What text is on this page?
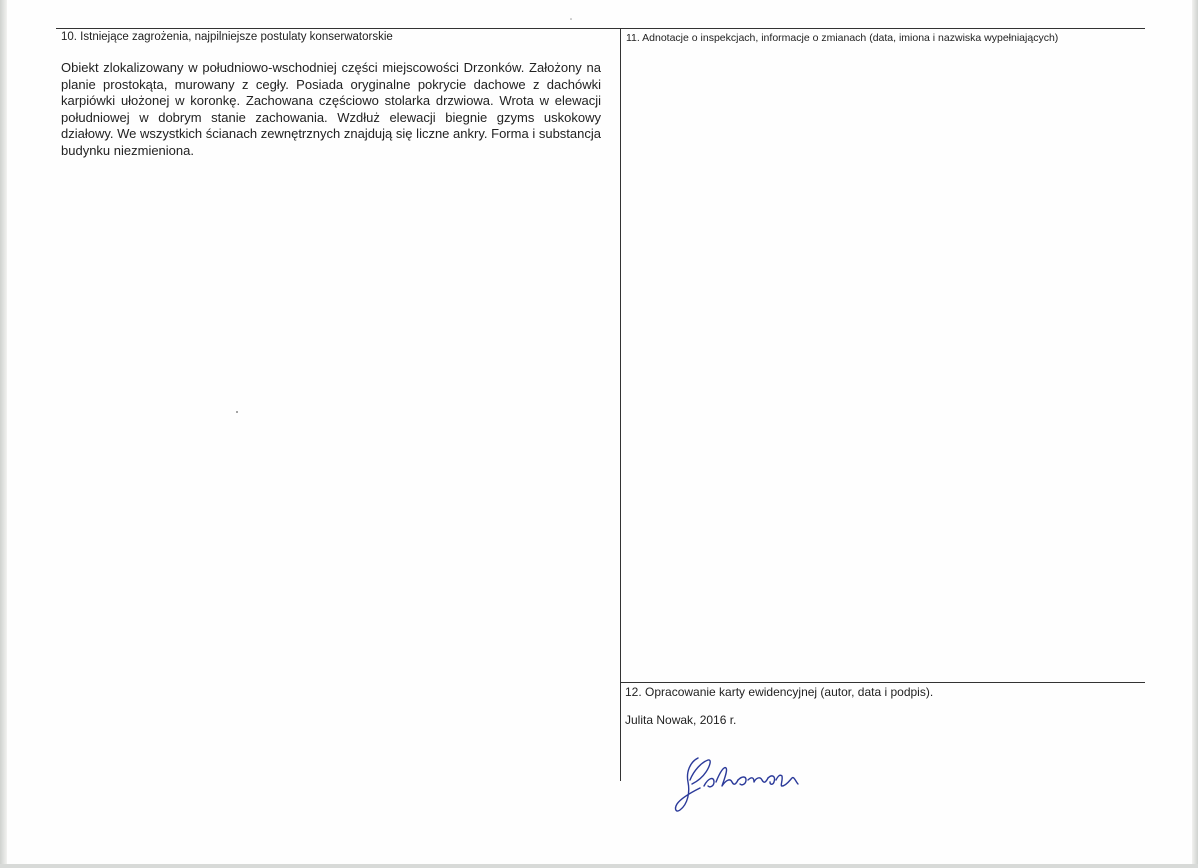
10. Istniejące zagrożenia, najpilniejsze postulaty konserwatorskie	11. Adnotacje o inspekcjach, informacje o zmianach (data, imiona i nazwiska wypełniających)

Obiekt zlokalizowany w południowo-wschodniej części miejscowości Drzonków. Założony na planie prostokąta, murowany z cegły. Posiada oryginalne pokrycie dachowe z dachówki karpiówki ułożonej w koronkę. Zachowana częściowo stolarka drzwiowa. Wrota w elewacji południowej w dobrym stanie zachowania. Wzdłuż elewacji biegnie gzyms uskokowy działowy. We wszystkich ścianach zewnętrznych znajdują się liczne ankry. Forma i substancja budynku niezmieniona.

12. Opracowanie karty ewidencyjnej (autor, data i podpis).
Julita Nowak, 2016 r.
